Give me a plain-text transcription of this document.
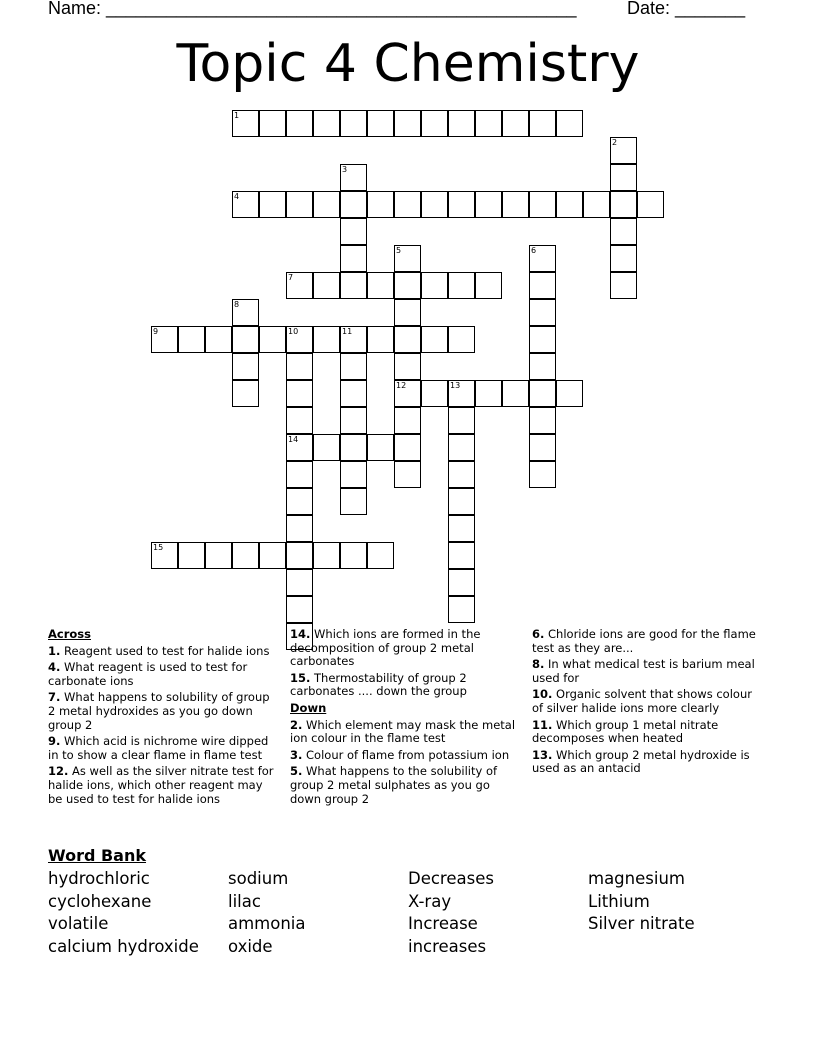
Name: _______________________________________________	Date: _______
Topic 4 Chemistry
1
2
3
4
5	6
7
8
9	10	11
12	13
14
15
Across
1. Reagent used to test for halide ions
4. What reagent is used to test for carbonate ions
7. What happens to solubility of group 2 metal hydroxides as you go down group 2
9. Which acid is nichrome wire dipped in to show a clear flame in flame test
12. As well as the silver nitrate test for halide ions, which other reagent may be used to test for halide ions
14. Which ions are formed in the decomposition of group 2 metal carbonates
15. Thermostability of group 2 carbonates .... down the group
Down
2. Which element may mask the metal ion colour in the flame test
3. Colour of flame from potassium ion
5. What happens to the solubility of group 2 metal sulphates as you go down group 2
6. Chloride ions are good for the flame test as they are...
8. In what medical test is barium meal used for
10. Organic solvent that shows colour of silver halide ions more clearly
11. Which group 1 metal nitrate decomposes when heated
13. Which group 2 metal hydroxide is used as an antacid
Word Bank
hydrochloric
cyclohexane
volatile
calcium hydroxide
sodium
lilac
ammonia
oxide
Decreases
X-ray
Increase
increases
magnesium
Lithium
Silver nitrate
